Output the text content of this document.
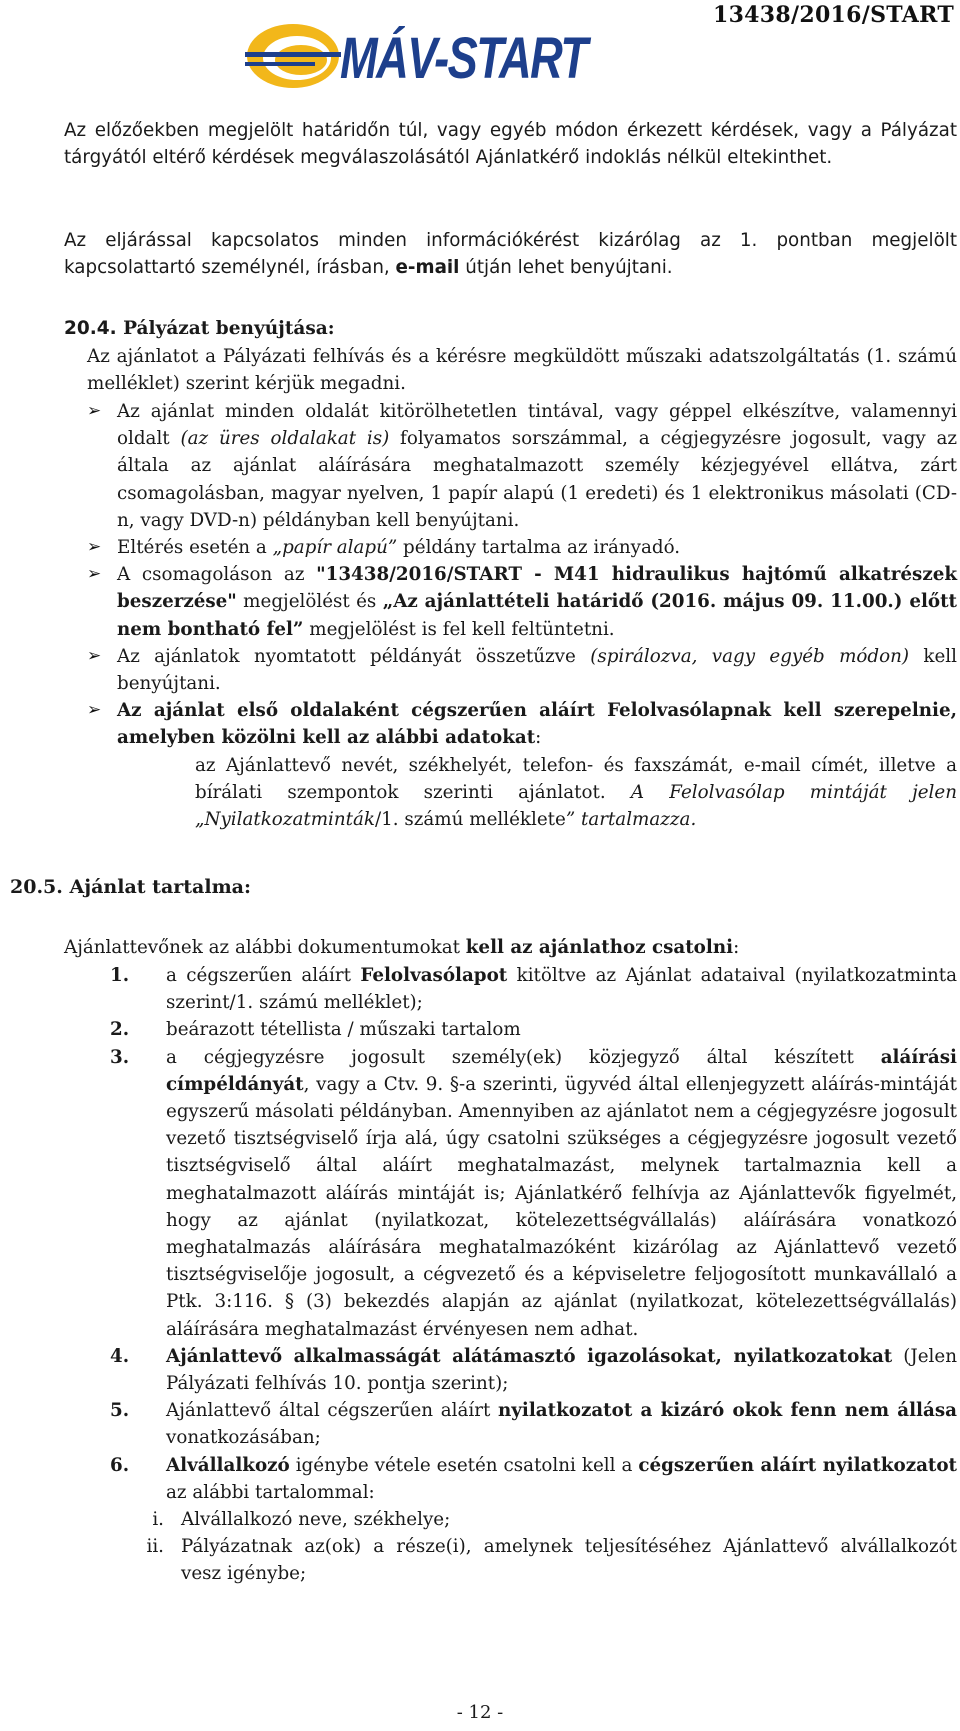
13438/2016/START
MÁV-START
Az előzőekben megjelölt határidőn túl, vagy egyéb módon érkezett kérdések, vagy a Pályázat tárgyától eltérő kérdések megválaszolásától Ajánlatkérő indoklás nélkül eltekinthet.
Az eljárással kapcsolatos minden információkérést kizárólag az 1. pontban megjelölt kapcsolattartó személynél, írásban, e-mail útján lehet benyújtani.
20.4. Pályázat benyújtása:
Az ajánlatot a Pályázati felhívás és a kérésre megküldött műszaki adatszolgáltatás (1. számú melléklet) szerint kérjük megadni.
➢ Az ajánlat minden oldalát kitörölhetetlen tintával, vagy géppel elkészítve, valamennyi oldalt (az üres oldalakat is) folyamatos sorszámmal, a cégjegyzésre jogosult, vagy az általa az ajánlat aláírására meghatalmazott személy kézjegyével ellátva, zárt csomagolásban, magyar nyelven, 1 papír alapú (1 eredeti) és 1 elektronikus másolati (CD-n, vagy DVD-n) példányban kell benyújtani.
➢ Eltérés esetén a „papír alapú” példány tartalma az irányadó.
➢ A csomagoláson az "13438/2016/START - M41 hidraulikus hajtómű alkatrészek beszerzése" megjelölést és „Az ajánlattételi határidő (2016. május 09. 11.00.) előtt nem bontható fel” megjelölést is fel kell feltüntetni.
➢ Az ajánlatok nyomtatott példányát összetűzve (spirálozva, vagy egyéb módon) kell benyújtani.
➢ Az ajánlat első oldalaként cégszerűen aláírt Felolvasólapnak kell szerepelnie, amelyben közölni kell az alábbi adatokat:
az Ajánlattevő nevét, székhelyét, telefon- és faxszámát, e-mail címét, illetve a bírálati szempontok szerinti ajánlatot. A Felolvasólap mintáját jelen „Nyilatkozatminták/1. számú melléklete” tartalmazza.
20.5. Ajánlat tartalma:
Ajánlattevőnek az alábbi dokumentumokat kell az ajánlathoz csatolni:
1.	a cégszerűen aláírt Felolvasólapot kitöltve az Ajánlat adataival (nyilatkozatminta szerint/1. számú melléklet);
2.	beárazott tétellista / műszaki tartalom
3.	a cégjegyzésre jogosult személy(ek) közjegyző által készített aláírási címpéldányát, vagy a Ctv. 9. §-a szerinti, ügyvéd által ellenjegyzett aláírás-mintáját egyszerű másolati példányban. Amennyiben az ajánlatot nem a cégjegyzésre jogosult vezető tisztségviselő írja alá, úgy csatolni szükséges a cégjegyzésre jogosult vezető tisztségviselő által aláírt meghatalmazást, melynek tartalmaznia kell a meghatalmazott aláírás mintáját is; Ajánlatkérő felhívja az Ajánlattevők figyelmét, hogy az ajánlat (nyilatkozat, kötelezettségvállalás) aláírására vonatkozó meghatalmazás aláírására meghatalmazóként kizárólag az Ajánlattevő vezető tisztségviselője jogosult, a cégvezető és a képviseletre feljogosított munkavállaló a Ptk. 3:116. § (3) bekezdés alapján az ajánlat (nyilatkozat, kötelezettségvállalás) aláírására meghatalmazást érvényesen nem adhat.
4.	Ajánlattevő alkalmasságát alátámasztó igazolásokat, nyilatkozatokat (Jelen Pályázati felhívás 10. pontja szerint);
5.	Ajánlattevő által cégszerűen aláírt nyilatkozatot a kizáró okok fenn nem állása vonatkozásában;
6.	Alvállalkozó igénybe vétele esetén csatolni kell a cégszerűen aláírt nyilatkozatot az alábbi tartalommal:
i. Alvállalkozó neve, székhelye;
ii. Pályázatnak az(ok) a része(i), amelynek teljesítéséhez Ajánlattevő alvállalkozót vesz igénybe;
- 12 -
